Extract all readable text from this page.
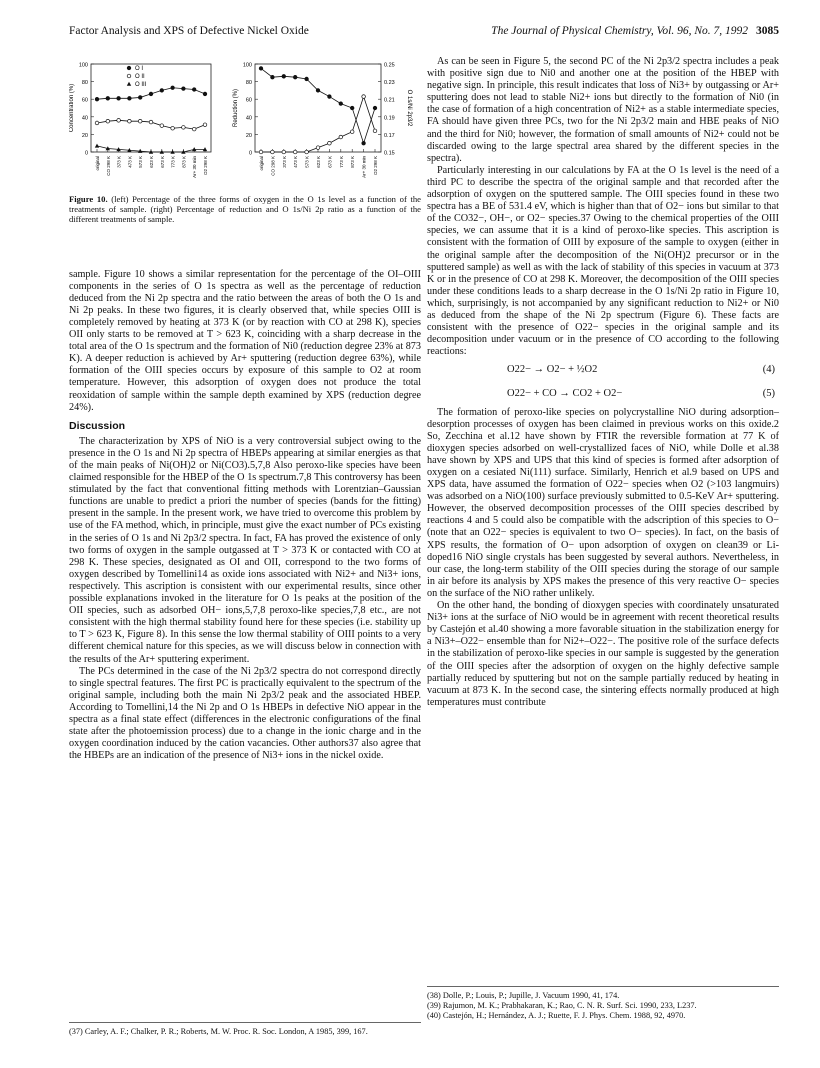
Factor Analysis and XPS of Defective Nickel Oxide	The Journal of Physical Chemistry, Vol. 96, No. 7, 1992 3085
100
80
60
40
20
0
Concentration (%)
original CO 298 K 373 K 473 K 573 K 623 K 673 K 773 K 873 K Ar+ 30 min O2 298 K
100
80
60
40
20
0
Reduction (%)
original CO 298 K 373 K 473 K 573 K 623 K 673 K 773 K 873 K Ar+ 30 min O2 298 K
0.25
0.23
0.21
0.19
0.17
0.15
O 1s/Ni 2p3/2
O I
O II
O III
Figure 10. (left) Percentage of the three forms of oxygen in the O 1s level as a function of the treatments of sample. (right) Percentage of reduction and O 1s/Ni 2p ratio as a function of the different treatments of sample.

sample. Figure 10 shows a similar representation for the percentage of the OI–OIII components in the series of O 1s spectra as well as the percentage of reduction deduced from the Ni 2p spectra and the ratio between the areas of both the O 1s and Ni 2p peaks. In these two figures, it is clearly observed that, while species OIII is completely removed by heating at 373 K (or by reaction with CO at 298 K), species OII only starts to be removed at T > 623 K, coinciding with a sharp decrease in the total area of the O 1s spectrum and the formation of Ni0 (reduction degree 23% at 873 K). A deeper reduction is achieved by Ar+ sputtering (reduction degree 63%), while formation of the OIII species occurs by exposure of this sample to O2 at room temperature. However, this adsorption of oxygen does not produce the total reoxidation of sample within the sample depth examined by XPS (reduction degree 24%).

Discussion

The characterization by XPS of NiO is a very controversial subject owing to the presence in the O 1s and Ni 2p spectra of HBEPs appearing at similar energies as that of the main peaks of Ni(OH)2 or Ni(CO3).5,7,8 Also peroxo-like species have been claimed responsible for the HBEP of the O 1s spectrum.7,8 This controversy has been stimulated by the fact that conventional fitting methods with Lorentzian–Gaussian functions are unable to predict a priori the number of species (bands for the fitting) present in the sample. In the present work, we have tried to overcome this problem by use of the FA method, which, in principle, must give the exact number of PCs existing in the series of O 1s and Ni 2p3/2 spectra. In fact, FA has proved the existence of only two forms of oxygen in the sample outgassed at T > 373 K or contacted with CO at 298 K. These species, designated as OI and OII, correspond to the two forms of oxygen described by Tomellini14 as oxide ions associated with Ni2+ and Ni3+ ions, respectively. This ascription is consistent with our experimental results, since other possible explanations invoked in the literature for O 1s peaks at the position of the OII species, such as adsorbed OH− ions,5,7,8 peroxo-like species,7,8 etc., are not consistent with the high thermal stability found here for these species (i.e. stability up to T > 623 K, Figure 8). In this sense the low thermal stability of OIII points to a very different chemical nature for this species, as we will discuss below in connection with the results of the Ar+ sputtering experiment.

The PCs determined in the case of the Ni 2p3/2 spectra do not correspond directly to single spectral features. The first PC is practically equivalent to the spectrum of the original sample, including both the main Ni 2p3/2 peak and the associated HBEP. According to Tomellini,14 the Ni 2p and O 1s HBEPs in defective NiO appear in the spectra as a final state effect (differences in the electronic configurations of the final state after the photoemission process) due to a change in the ionic charge and in the oxygen coordination induced by the cation vacancies. Other authors37 also agree that the HBEPs are an indication of the presence of Ni3+ ions in the nickel oxide.

As can be seen in Figure 5, the second PC of the Ni 2p3/2 spectra includes a peak with positive sign due to Ni0 and another one at the position of the HBEP with negative sign. In principle, this result indicates that loss of Ni3+ by outgassing or Ar+ sputtering does not lead to stable Ni2+ ions but directly to the formation of Ni0 (in the case of formation of a high concentration of Ni2+ as a stable intermediate species, FA should have given three PCs, two for the Ni 2p3/2 main and HBE peaks of NiO and the third for Ni0; however, the formation of small amounts of Ni2+ could not be discarded owing to the large spectral area shared by the different species in the spectra).

Particularly interesting in our calculations by FA at the O 1s level is the need of a third PC to describe the spectra of the original sample and that recorded after the adsorption of oxygen on the sputtered sample. The OIII species found in these two spectra has a BE of 531.4 eV, which is higher than that of O2− ions but similar to that of the CO32−, OH−, or O2− species.37 Owing to the chemical properties of the OIII species, we can assume that it is a kind of peroxo-like species. This ascription is consistent with the formation of OIII by exposure of the sample to oxygen (either in the original sample after the decomposition of the Ni(OH)2 precursor or in the sputtered sample) as well as with the lack of stability of this species in vacuum at 373 K or in the presence of CO at 298 K. Moreover, the decomposition of the OIII species under these conditions leads to a sharp decrease in the O 1s/Ni 2p ratio in Figure 10, which, surprisingly, is not accompanied by any significant reduction to Ni2+ or Ni0 as deduced from the shape of the Ni 2p spectrum (Figure 6). These facts are consistent with the presence of O22− species in the original sample and its decomposition under vacuum or in the presence of CO according to the following reactions:

O22− → O2− + ½O2	(4)
O22− + CO → CO2 + O2−	(5)

The formation of peroxo-like species on polycrystalline NiO during adsorption–desorption processes of oxygen has been claimed in previous works on this oxide.2 So, Zecchina et al.12 have shown by FTIR the reversible formation at 77 K of dioxygen species adsorbed on well-crystallized faces of NiO, while Dolle et al.38 have shown by XPS and UPS that this kind of species is formed after adsorption of oxygen on a cesiated Ni(111) surface. Similarly, Henrich et al.9 based on UPS and XPS data, have assumed the formation of O22− species when O2 (>103 langmuirs) was adsorbed on a NiO(100) surface previously submitted to 0.5-KeV Ar+ sputtering. However, the observed decomposition processes of the OIII species described by reactions 4 and 5 could also be compatible with the adscription of this species to O− (note that an O22− species is equivalent to two O− species). In fact, on the basis of XPS results, the formation of O− upon adsorption of oxygen on clean39 or Li-doped16 NiO single crystals has been suggested by several authors. Nevertheless, in our case, the long-term stability of the OIII species during the storage of our sample in air before its analysis by XPS makes the presence of this very reactive O− species on the surface of the NiO rather unlikely.

On the other hand, the bonding of dioxygen species with coordinately unsaturated Ni3+ ions at the surface of NiO would be in agreement with recent theoretical results by Castejón et al.40 showing a more favorable situation in the stabilization energy for a Ni3+–O22− ensemble than for Ni2+–O22−. The positive role of the surface defects in the stabilization of peroxo-like species in our sample is suggested by the generation of the OIII species after the adsorption of oxygen on the highly defective sample partially reduced by sputtering but not on the sample partially reduced by heating in vacuum at 873 K. In the second case, the sintering effects normally produced at high temperatures must contribute

(37) Carley, A. F.; Chalker, P. R.; Roberts, M. W. Proc. R. Soc. London, A 1985, 399, 167.
(38) Dolle, P.; Louis, P.; Jupille, J. Vacuum 1990, 41, 174.
(39) Rajumon, M. K.; Prabhakaran, K.; Rao, C. N. R. Surf. Sci. 1990, 233, L237.
(40) Castejón, H.; Hernández, A. J.; Ruette, F. J. Phys. Chem. 1988, 92, 4970.
